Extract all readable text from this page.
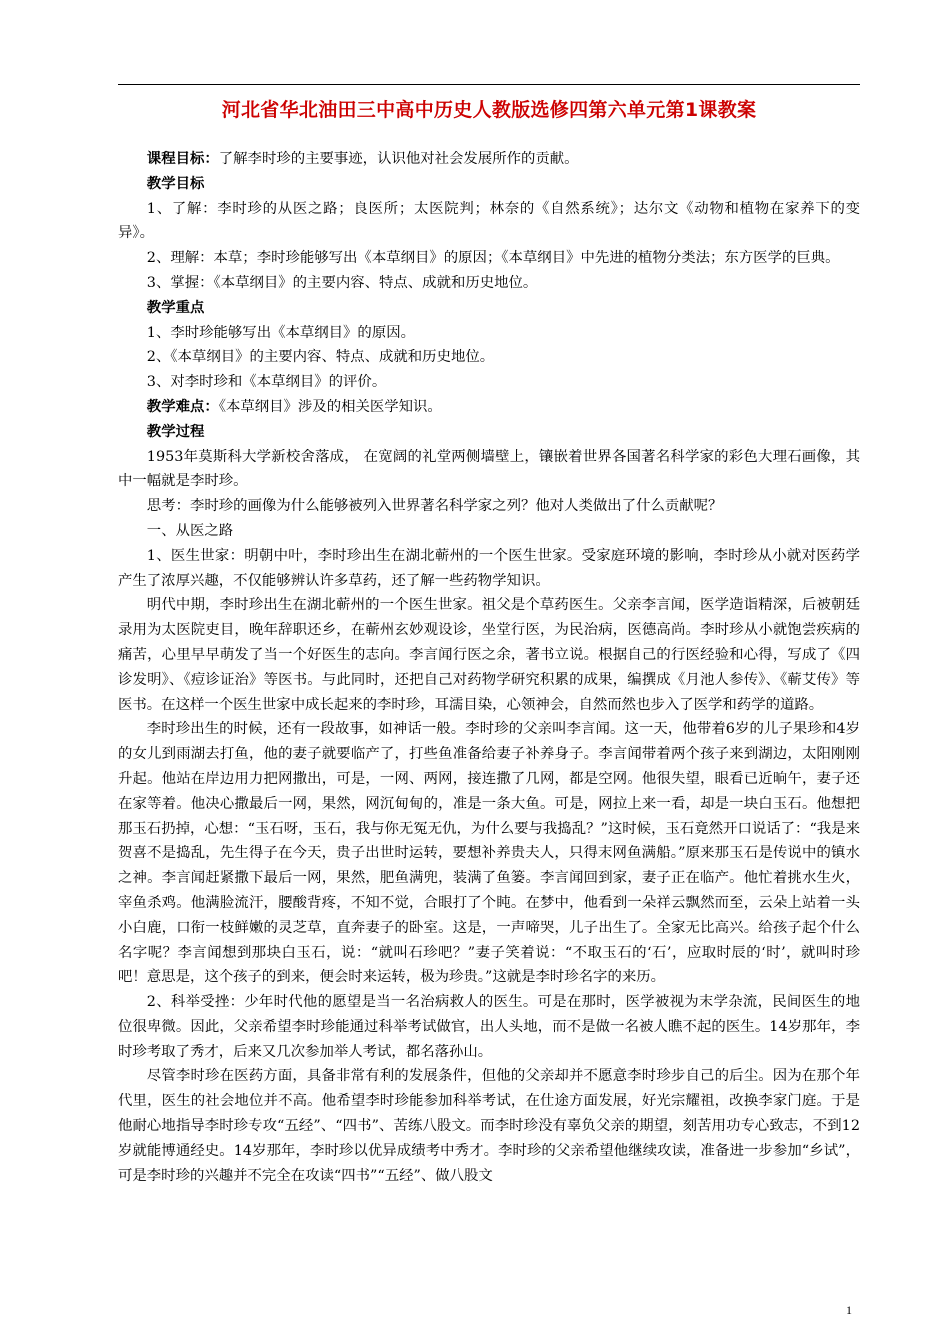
河北省华北油田三中高中历史人教版选修四第六单元第1课教案

课程目标：了解李时珍的主要事迹，认识他对社会发展所作的贡献。

教学目标

1、了解：李时珍的从医之路；良医所；太医院判；林奈的《自然系统》；达尔文《动物和植物在家养下的变异》。

2、理解：本草；李时珍能够写出《本草纲目》的原因；《本草纲目》中先进的植物分类法；东方医学的巨典。

3、掌握：《本草纲目》的主要内容、特点、成就和历史地位。

教学重点

1、李时珍能够写出《本草纲目》的原因。

2、《本草纲目》的主要内容、特点、成就和历史地位。

3、对李时珍和《本草纲目》的评价。

教学难点：《本草纲目》涉及的相关医学知识。

教学过程

1953年莫斯科大学新校舍落成， 在宽阔的礼堂两侧墙壁上，镶嵌着世界各国著名科学家的彩色大理石画像，其中一幅就是李时珍。

思考：李时珍的画像为什么能够被列入世界著名科学家之列？他对人类做出了什么贡献呢？

一、从医之路

1、医生世家：明朝中叶，李时珍出生在湖北蕲州的一个医生世家。受家庭环境的影响，李时珍从小就对医药学产生了浓厚兴趣，不仅能够辨认许多草药，还了解一些药物学知识。

明代中期，李时珍出生在湖北蕲州的一个医生世家。祖父是个草药医生。父亲李言闻，医学造诣精深，后被朝廷录用为太医院吏目，晚年辞职还乡，在蕲州玄妙观设诊，坐堂行医，为民治病，医德高尚。李时珍从小就饱尝疾病的痛苦，心里早早萌发了当一个好医生的志向。李言闻行医之余，著书立说。根据自己的行医经验和心得，写成了《四诊发明》、《痘诊证治》等医书。与此同时，还把自己对药物学研究积累的成果，编撰成《月池人参传》、《蕲艾传》等医书。在这样一个医生世家中成长起来的李时珍，耳濡目染，心领神会，自然而然也步入了医学和药学的道路。

李时珍出生的时候，还有一段故事，如神话一般。李时珍的父亲叫李言闻。这一天，他带着6岁的儿子果珍和4岁的女儿到雨湖去打鱼，他的妻子就要临产了，打些鱼准备给妻子补养身子。李言闻带着两个孩子来到湖边，太阳刚刚升起。他站在岸边用力把网撒出，可是，一网、两网，接连撒了几网，都是空网。他很失望，眼看已近晌午，妻子还在家等着。他决心撒最后一网，果然，网沉甸甸的，准是一条大鱼。可是，网拉上来一看，却是一块白玉石。他想把那玉石扔掉，心想：“玉石呀，玉石，我与你无冤无仇，为什么要与我捣乱？”这时候，玉石竟然开口说话了：“我是来贺喜不是捣乱，先生得子在今天，贵子出世时运转，要想补养贵夫人，只得末网鱼满船。”原来那玉石是传说中的镇水之神。李言闻赶紧撒下最后一网，果然，肥鱼满兜，装满了鱼篓。李言闻回到家，妻子正在临产。他忙着挑水生火，宰鱼杀鸡。他满脸流汗，腰酸背疼，不知不觉，合眼打了个盹。在梦中，他看到一朵祥云飘然而至，云朵上站着一头小白鹿，口衔一枝鲜嫩的灵芝草，直奔妻子的卧室。这是，一声啼哭，儿子出生了。全家无比高兴。给孩子起个什么名字呢？李言闻想到那块白玉石，说：“就叫石珍吧？”妻子笑着说：“不取玉石的‘石’，应取时辰的‘时’，就叫时珍吧！意思是，这个孩子的到来，便会时来运转，极为珍贵。”这就是李时珍名字的来历。

2、科举受挫：少年时代他的愿望是当一名治病救人的医生。可是在那时，医学被视为末学杂流，民间医生的地位很卑微。因此，父亲希望李时珍能通过科举考试做官，出人头地，而不是做一名被人瞧不起的医生。14岁那年，李时珍考取了秀才，后来又几次参加举人考试，都名落孙山。

尽管李时珍在医药方面，具备非常有利的发展条件，但他的父亲却并不愿意李时珍步自己的后尘。因为在那个年代里，医生的社会地位并不高。他希望李时珍能参加科举考试，在仕途方面发展，好光宗耀祖，改换李家门庭。于是他耐心地指导李时珍专攻“五经”、“四书”、苦练八股文。而李时珍没有辜负父亲的期望，刻苦用功专心致志，不到12岁就能博通经史。14岁那年，李时珍以优异成绩考中秀才。李时珍的父亲希望他继续攻读，准备进一步参加“乡试”，可是李时珍的兴趣并不完全在攻读“四书”“五经”、做八股文

1
